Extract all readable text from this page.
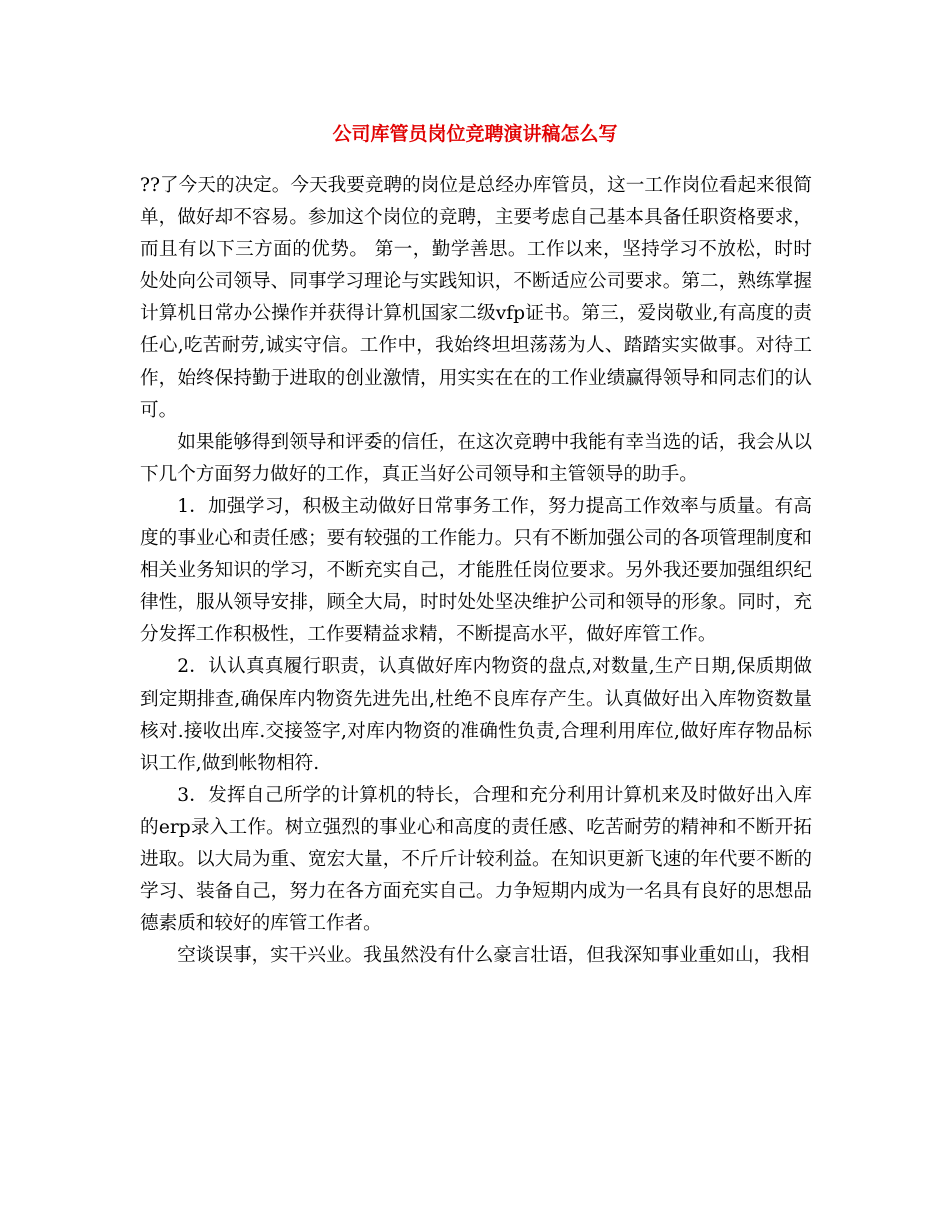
公司库管员岗位竞聘演讲稿怎么写

??了今天的决定。今天我要竞聘的岗位是总经办库管员，这一工作岗位看起来很简单，做好却不容易。参加这个岗位的竞聘，主要考虑自己基本具备任职资格要求，而且有以下三方面的优势。 第一，勤学善思。工作以来，坚持学习不放松，时时处处向公司领导、同事学习理论与实践知识，不断适应公司要求。第二，熟练掌握计算机日常办公操作并获得计算机国家二级vfp证书。第三，爱岗敬业,有高度的责任心,吃苦耐劳,诚实守信。工作中，我始终坦坦荡荡为人、踏踏实实做事。对待工作，始终保持勤于进取的创业激情，用实实在在的工作业绩赢得领导和同志们的认可。

如果能够得到领导和评委的信任，在这次竞聘中我能有幸当选的话，我会从以下几个方面努力做好的工作，真正当好公司领导和主管领导的助手。

1．加强学习，积极主动做好日常事务工作，努力提高工作效率与质量。有高度的事业心和责任感；要有较强的工作能力。只有不断加强公司的各项管理制度和相关业务知识的学习，不断充实自己，才能胜任岗位要求。另外我还要加强组织纪律性，服从领导安排，顾全大局，时时处处坚决维护公司和领导的形象。同时，充分发挥工作积极性，工作要精益求精，不断提高水平，做好库管工作。

2．认认真真履行职责，认真做好库内物资的盘点,对数量,生产日期,保质期做到定期排查,确保库内物资先进先出,杜绝不良库存产生。认真做好出入库物资数量核对.接收出库.交接签字,对库内物资的准确性负责,合理利用库位,做好库存物品标识工作,做到帐物相符.

3．发挥自己所学的计算机的特长，合理和充分利用计算机来及时做好出入库的erp录入工作。树立强烈的事业心和高度的责任感、吃苦耐劳的精神和不断开拓进取。以大局为重、宽宏大量，不斤斤计较利益。在知识更新飞速的年代要不断的学习、装备自己，努力在各方面充实自己。力争短期内成为一名具有良好的思想品德素质和较好的库管工作者。

空谈误事，实干兴业。我虽然没有什么豪言壮语，但我深知事业重如山，我相
